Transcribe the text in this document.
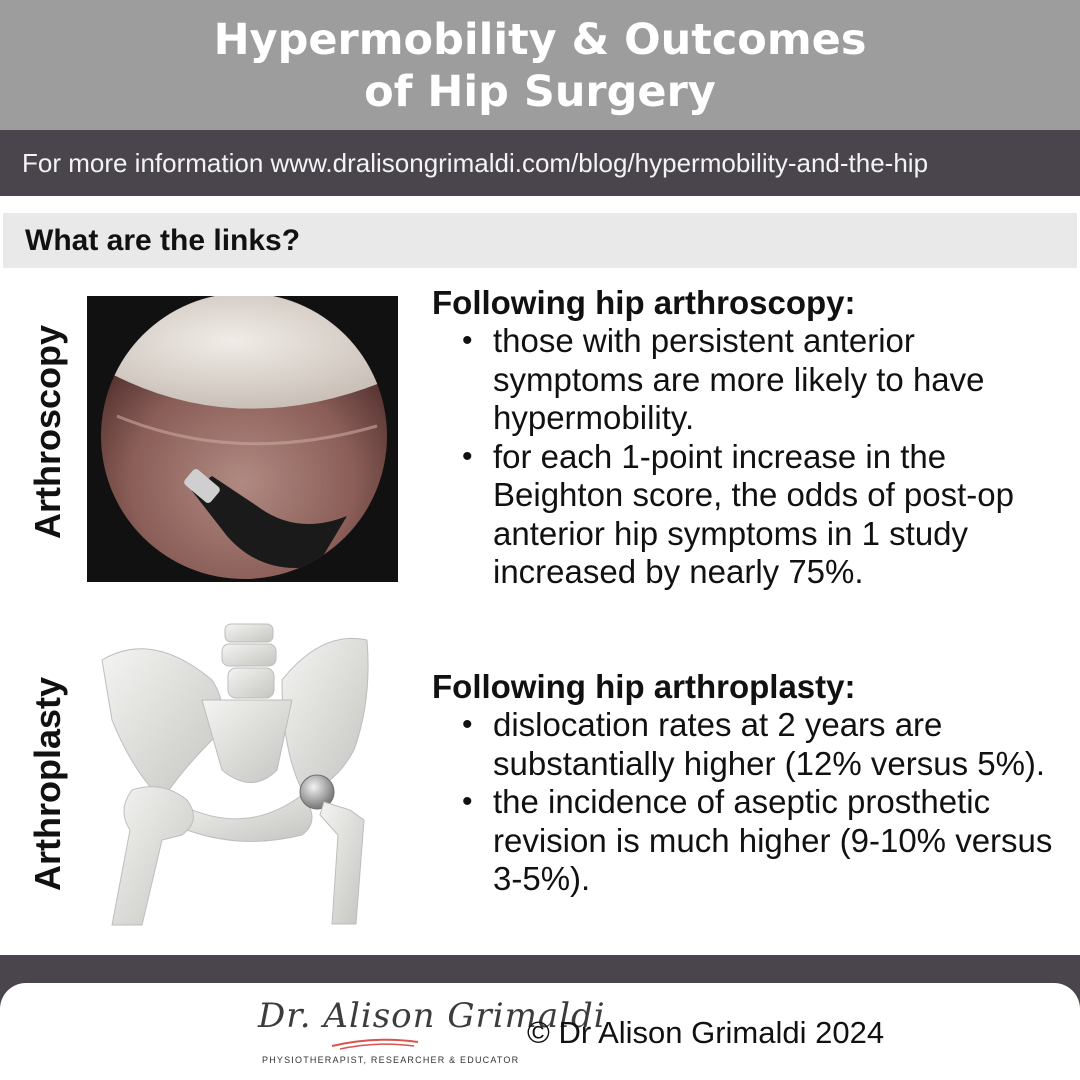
Hypermobility & Outcomes
of Hip Surgery
For more information www.dralisongrimaldi.com/blog/hypermobility-and-the-hip
What are the links?
Arthroscopy
Arthroplasty
Following hip arthroscopy:
• those with persistent anterior symptoms are more likely to have hypermobility.
• for each 1-point increase in the Beighton score, the odds of post-op anterior hip symptoms in 1 study increased by nearly 75%.
Following hip arthroplasty:
• dislocation rates at 2 years are substantially higher (12% versus 5%).
• the incidence of aseptic prosthetic revision is much higher (9-10% versus 3-5%).
Dr. Alison Grimaldi
PHYSIOTHERAPIST, RESEARCHER & EDUCATOR
© Dr Alison Grimaldi 2024
